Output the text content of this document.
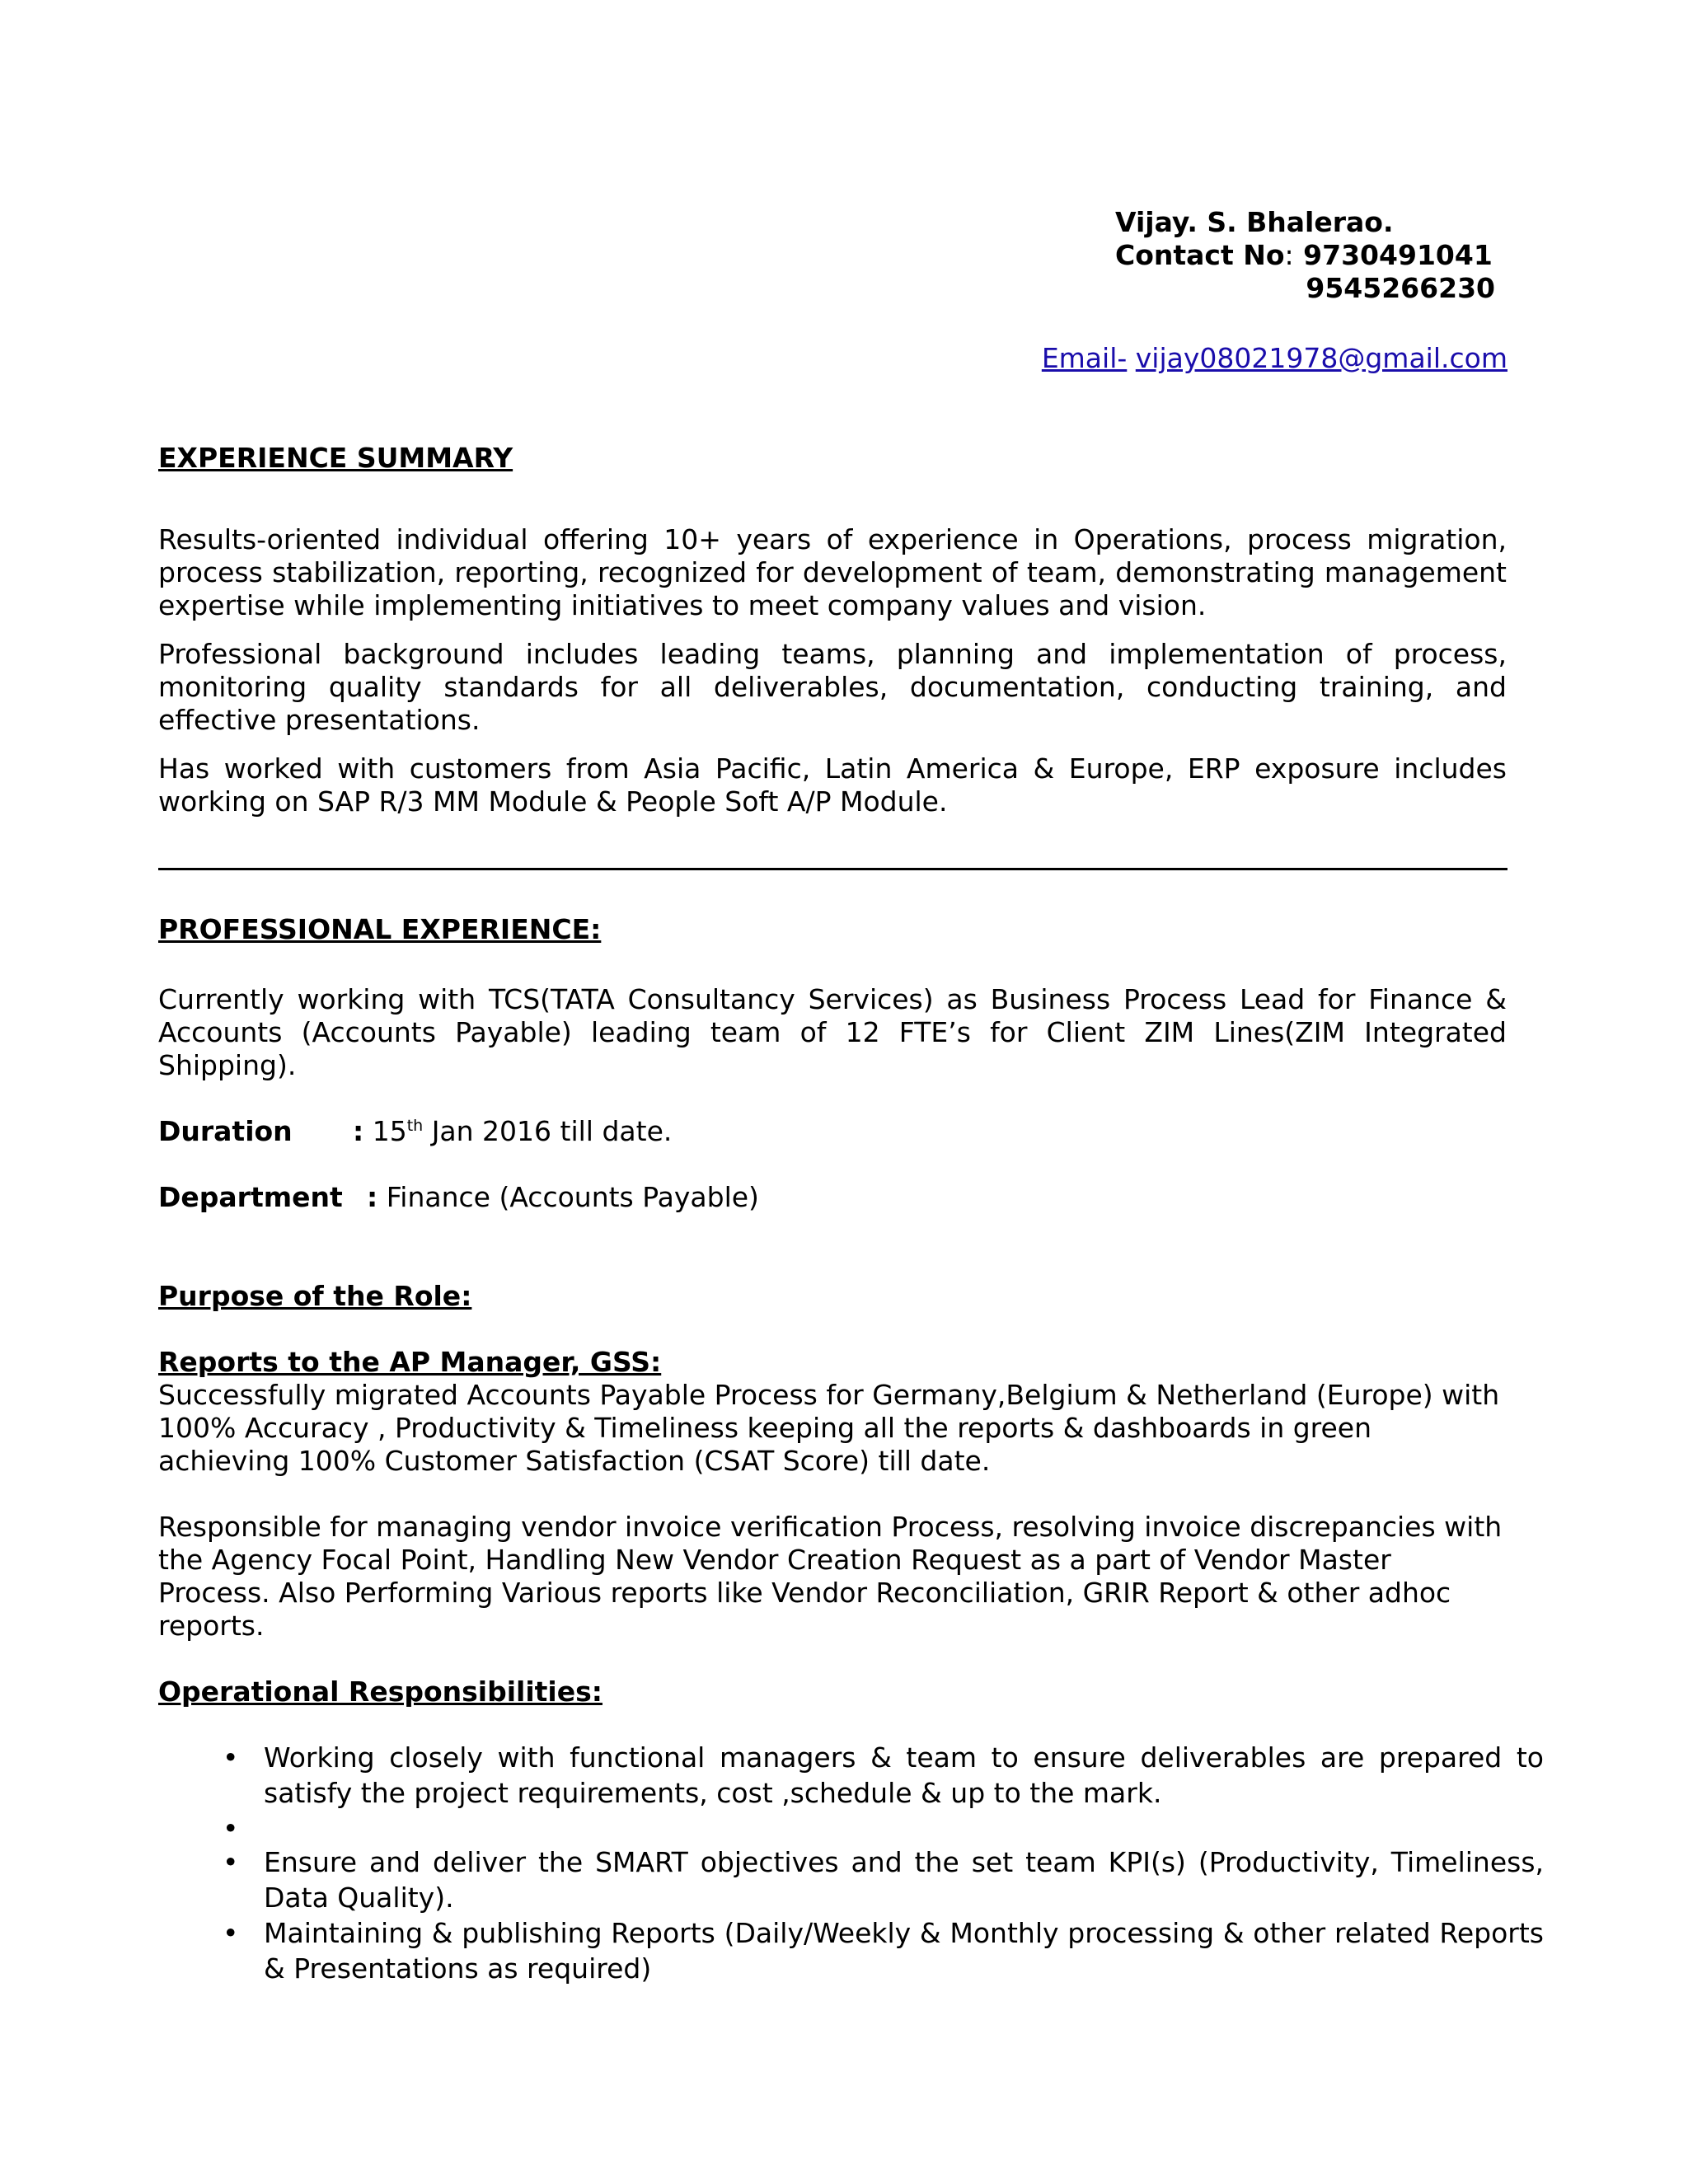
Vijay. S. Bhalerao.
Contact No: 9730491041
9545266230
Email- vijay08021978@gmail.com
EXPERIENCE SUMMARY

Results-oriented individual offering 10+ years of experience in Operations, process migration, process stabilization, reporting, recognized for development of team, demonstrating management expertise while implementing initiatives to meet company values and vision.

Professional background includes leading teams, planning and implementation of process, monitoring quality standards for all deliverables, documentation, conducting training, and effective presentations.

Has worked with customers from Asia Pacific, Latin America & Europe, ERP exposure includes working on SAP R/3 MM Module & People Soft A/P Module.

PROFESSIONAL EXPERIENCE:

Currently working with TCS(TATA Consultancy Services) as Business Process Lead for Finance & Accounts (Accounts Payable) leading team of 12 FTE’s for Client ZIM Lines(ZIM Integrated Shipping).

Duration : 15th Jan 2016 till date.
Department : Finance (Accounts Payable)
Purpose of the Role:
Reports to the AP Manager, GSS:

Successfully migrated Accounts Payable Process for Germany,Belgium & Netherland (Europe) with 100% Accuracy , Productivity & Timeliness keeping all the reports & dashboards in green achieving 100% Customer Satisfaction (CSAT Score) till date.

Responsible for managing vendor invoice verification Process, resolving invoice discrepancies with the Agency Focal Point, Handling New Vendor Creation Request as a part of Vendor Master Process. Also Performing Various reports like Vendor Reconciliation, GRIR Report & other adhoc reports.

Operational Responsibilities:
• Working closely with functional managers & team to ensure deliverables are prepared to satisfy the project requirements, cost ,schedule & up to the mark.
•
• Ensure and deliver the SMART objectives and the set team KPI(s) (Productivity, Timeliness, Data Quality).
• Maintaining & publishing Reports (Daily/Weekly & Monthly processing & other related Reports & Presentations as required)
